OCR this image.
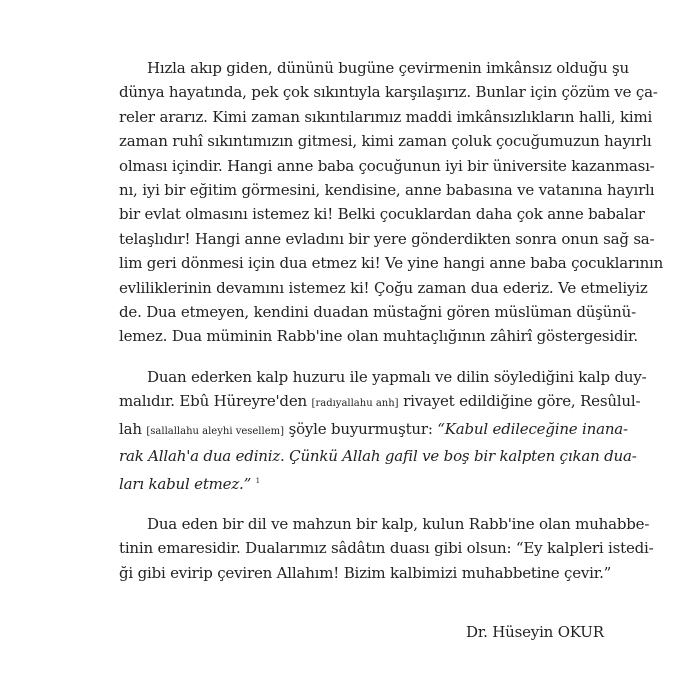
Hızla akıp giden, dününü bugüne çevirmenin imkânsız olduğu şu
dünya hayatında, pek çok sıkıntıyla karşılaşırız. Bunlar için çözüm ve ça-
reler ararız. Kimi zaman sıkıntılarımız maddi imkânsızlıkların halli, kimi
zaman ruhî sıkıntımızın gitmesi, kimi zaman çoluk çocuğumuzun hayırlı
olması içindir. Hangi anne baba çocuğunun iyi bir üniversite kazanması-
nı, iyi bir eğitim görmesini, kendisine, anne babasına ve vatanına hayırlı
bir evlat olmasını istemez ki! Belki çocuklardan daha çok anne babalar
telaşlıdır! Hangi anne evladını bir yere gönderdikten sonra onun sağ sa-
lim geri dönmesi için dua etmez ki! Ve yine hangi anne baba çocuklarının
evliliklerinin devamını istemez ki! Çoğu zaman dua ederiz. Ve etmeliyiz
de. Dua etmeyen, kendini duadan müstağni gören müslüman düşünü-
lemez. Dua müminin Rabb'ine olan muhtaçlığının zâhirî göstergesidir.

Duan ederken kalp huzuru ile yapmalı ve dilin söylediğini kalp duy-
malıdır. Ebû Hüreyre'den [radıyallahu anh] rivayet edildiğine göre, Resûlul-
lah [sallallahu aleyhi vesellem] şöyle buyurmuştur: “Kabul edileceğine inana-
rak Allah'a dua ediniz. Çünkü Allah gafil ve boş bir kalpten çıkan dua-
ları kabul etmez.” $^1$

Dua eden bir dil ve mahzun bir kalp, kulun Rabb'ine olan muhabbe-
tinin emaresidir. Dualarımız sâdâtın duası gibi olsun: “Ey kalpleri istedi-
ği gibi evirip çeviren Allahım! Bizim kalbimizi muhabbetine çevir.”

Dr. Hüseyin OKUR
